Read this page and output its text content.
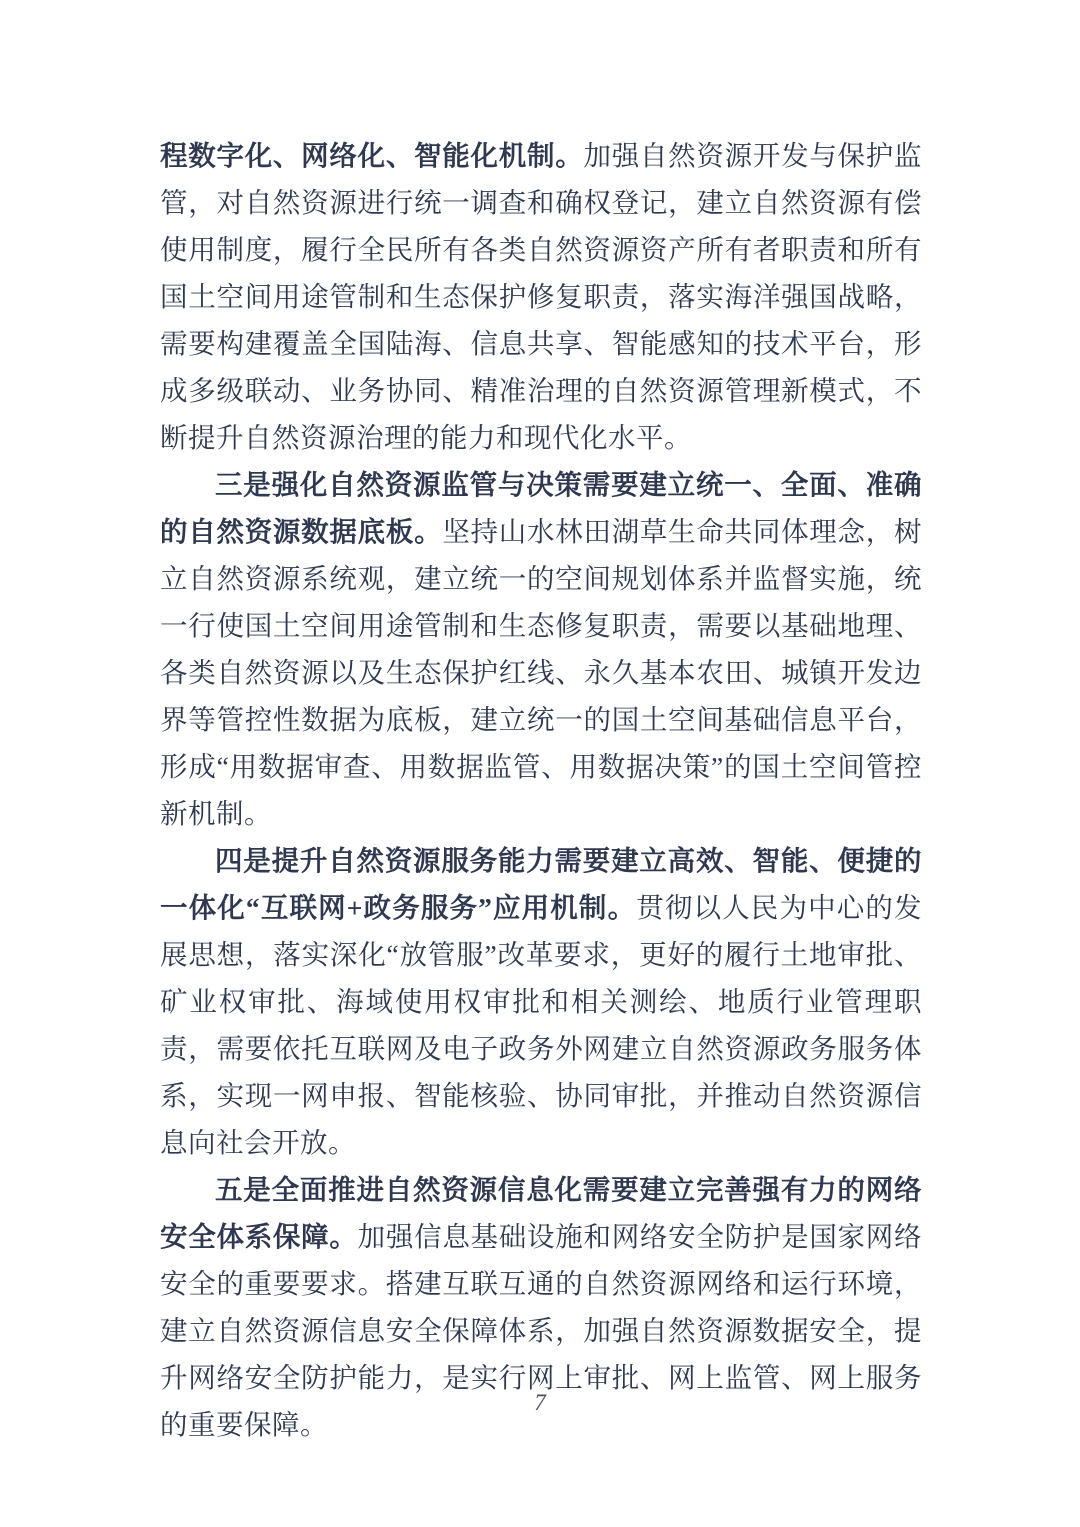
程数字化、网络化、智能化机制。加强自然资源开发与保护监管，对自然资源进行统一调查和确权登记，建立自然资源有偿使用制度，履行全民所有各类自然资源资产所有者职责和所有国土空间用途管制和生态保护修复职责，落实海洋强国战略，需要构建覆盖全国陆海、信息共享、智能感知的技术平台，形成多级联动、业务协同、精准治理的自然资源管理新模式，不断提升自然资源治理的能力和现代化水平。

三是强化自然资源监管与决策需要建立统一、全面、准确的自然资源数据底板。坚持山水林田湖草生命共同体理念，树立自然资源系统观，建立统一的空间规划体系并监督实施，统一行使国土空间用途管制和生态修复职责，需要以基础地理、各类自然资源以及生态保护红线、永久基本农田、城镇开发边界等管控性数据为底板，建立统一的国土空间基础信息平台，形成“用数据审查、用数据监管、用数据决策”的国土空间管控新机制。

四是提升自然资源服务能力需要建立高效、智能、便捷的一体化“互联网+政务服务”应用机制。贯彻以人民为中心的发展思想，落实深化“放管服”改革要求，更好的履行土地审批、矿业权审批、海域使用权审批和相关测绘、地质行业管理职责，需要依托互联网及电子政务外网建立自然资源政务服务体系，实现一网申报、智能核验、协同审批，并推动自然资源信息向社会开放。

五是全面推进自然资源信息化需要建立完善强有力的网络安全体系保障。加强信息基础设施和网络安全防护是国家网络安全的重要要求。搭建互联互通的自然资源网络和运行环境，建立自然资源信息安全保障体系，加强自然资源数据安全，提升网络安全防护能力，是实行网上审批、网上监管、网上服务的重要保障。

7
